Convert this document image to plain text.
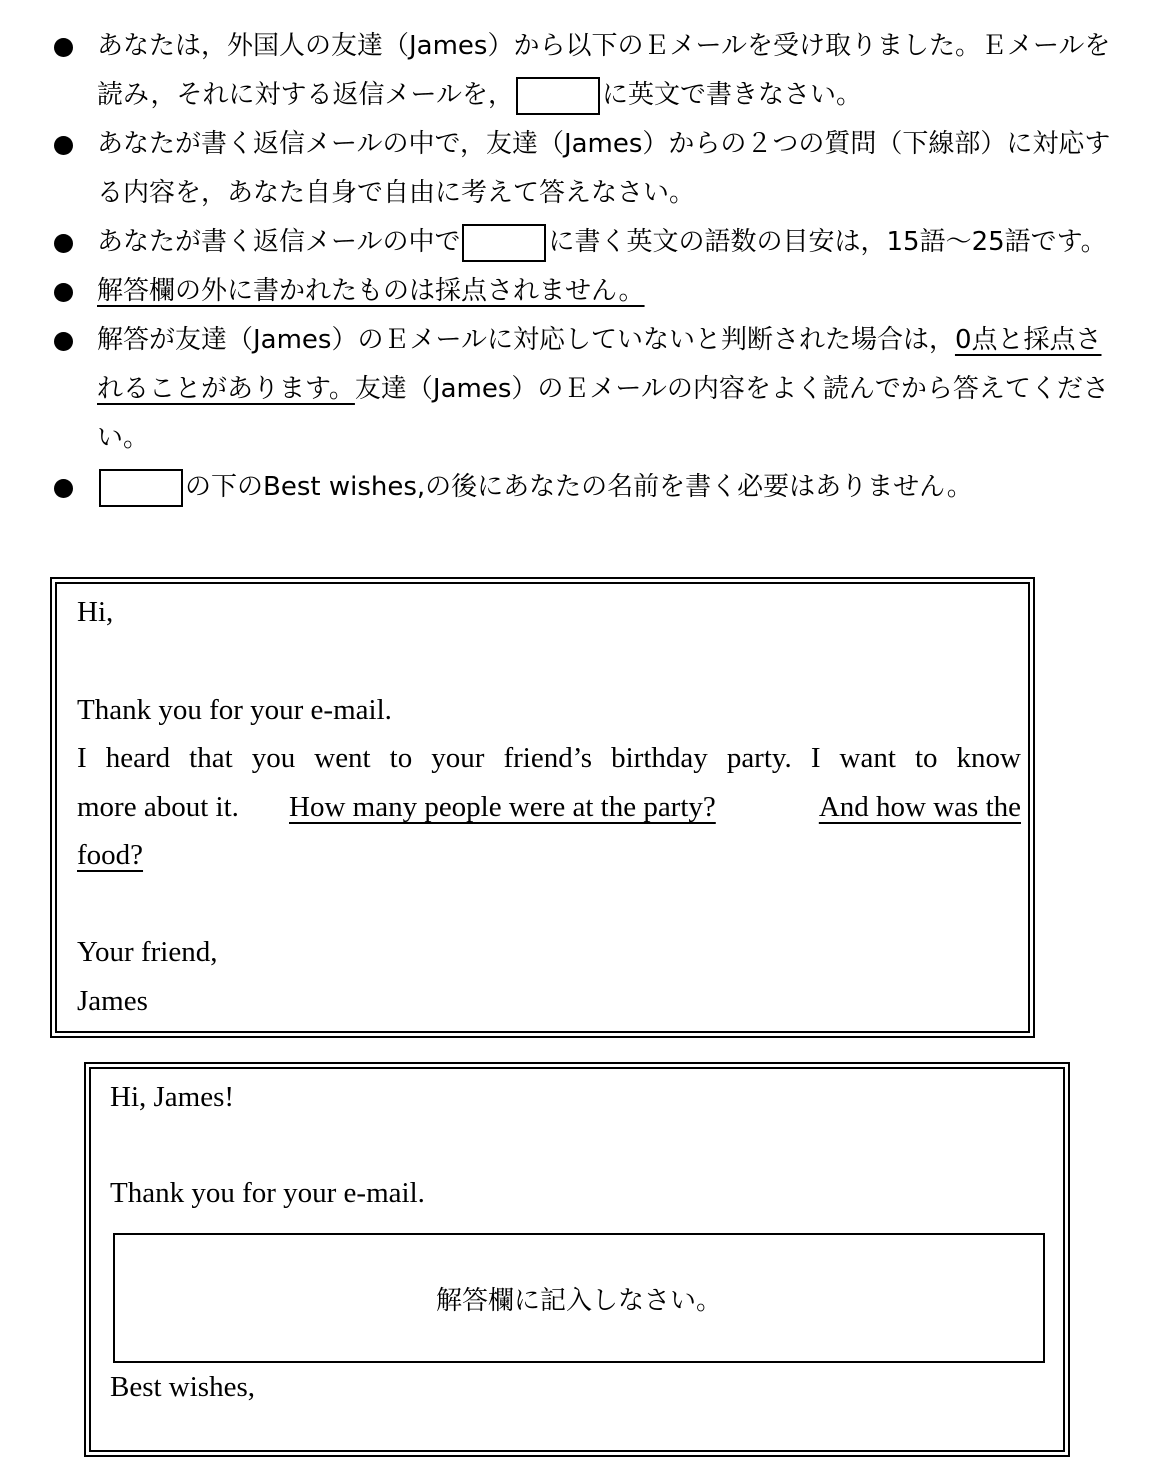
あなたは，外国人の友達（James）から以下のＥメールを受け取りました。Ｅメールを読み，それに対する返信メールを，	に英文で書きなさい。
あなたが書く返信メールの中で，友達（James）からの２つの質問（下線部）に対応する内容を，あなた自身で自由に考えて答えなさい。
あなたが書く返信メールの中で	に書く英文の語数の目安は，15語～25語です。
解答欄の外に書かれたものは採点されません。
解答が友達（James）のＥメールに対応していないと判断された場合は，0点と採点されることがあります。友達（James）のＥメールの内容をよく読んでから答えてください。
の下のBest wishes,の後にあなたの名前を書く必要はありません。
Hi,
Thank you for your e-mail.
I heard that you went to your friend’s birthday party. I want to know
more about it. How many people were at the party?	And how was the
food?
Your friend,
James
Hi, James!
Thank you for your e-mail.
解答欄に記入しなさい。
Best wishes,
